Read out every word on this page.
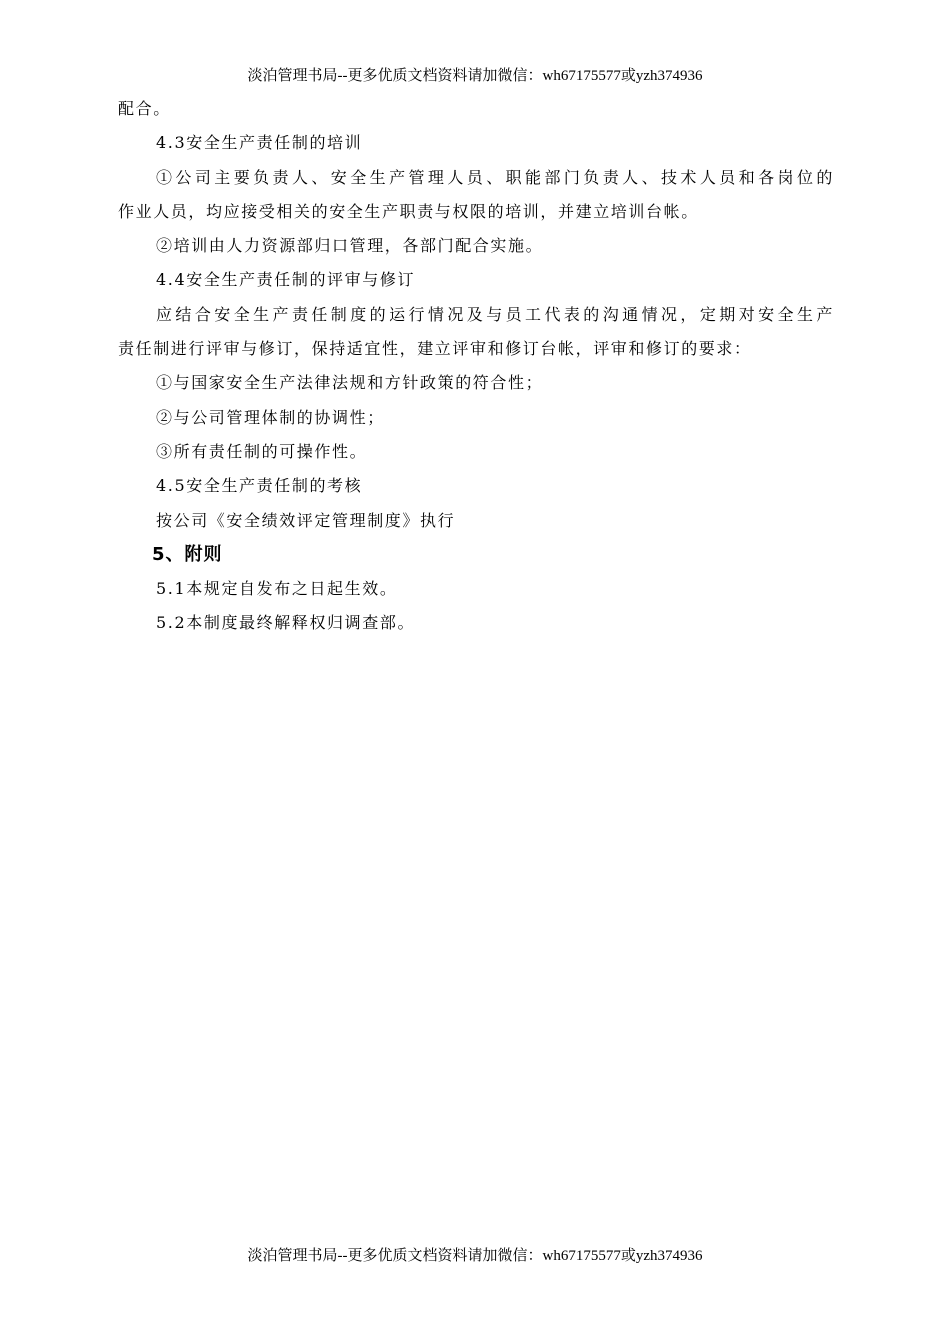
淡泊管理书局--更多优质文档资料请加微信：wh67175577或yzh374936

配合。

4.3安全生产责任制的培训

①公司主要负责人、安全生产管理人员、职能部门负责人、技术人员和各岗位的

作业人员，均应接受相关的安全生产职责与权限的培训，并建立培训台帐。

②培训由人力资源部归口管理，各部门配合实施。

4.4安全生产责任制的评审与修订

应结合安全生产责任制度的运行情况及与员工代表的沟通情况，定期对安全生产

责任制进行评审与修订，保持适宜性，建立评审和修订台帐，评审和修订的要求：

①与国家安全生产法律法规和方针政策的符合性；

②与公司管理体制的协调性；

③所有责任制的可操作性。

4.5安全生产责任制的考核

按公司《安全绩效评定管理制度》执行

5、附则

5.1本规定自发布之日起生效。

5.2本制度最终解释权归调查部。

淡泊管理书局--更多优质文档资料请加微信：wh67175577或yzh374936
